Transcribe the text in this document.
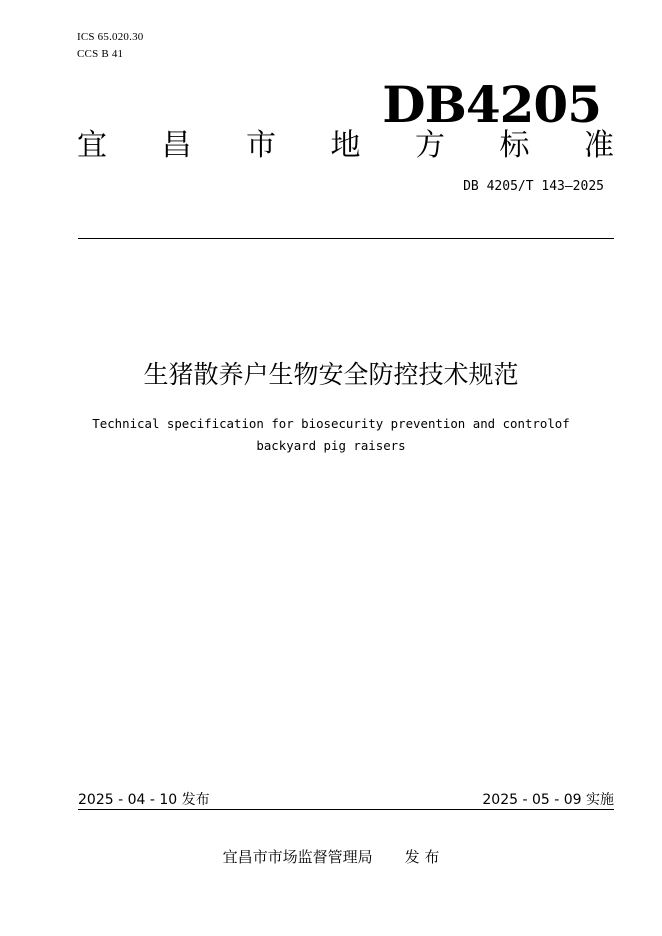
ICS 65.020.30
CCS B 41
DB4205
宜 昌 市 地 方 标 准
DB 4205/T 143—2025
生猪散养户生物安全防控技术规范
Technical specification for biosecurity prevention and controlof
backyard pig raisers
2025 - 04 - 10 发布	2025 - 05 - 09 实施
宜昌市市场监督管理局 发 布
